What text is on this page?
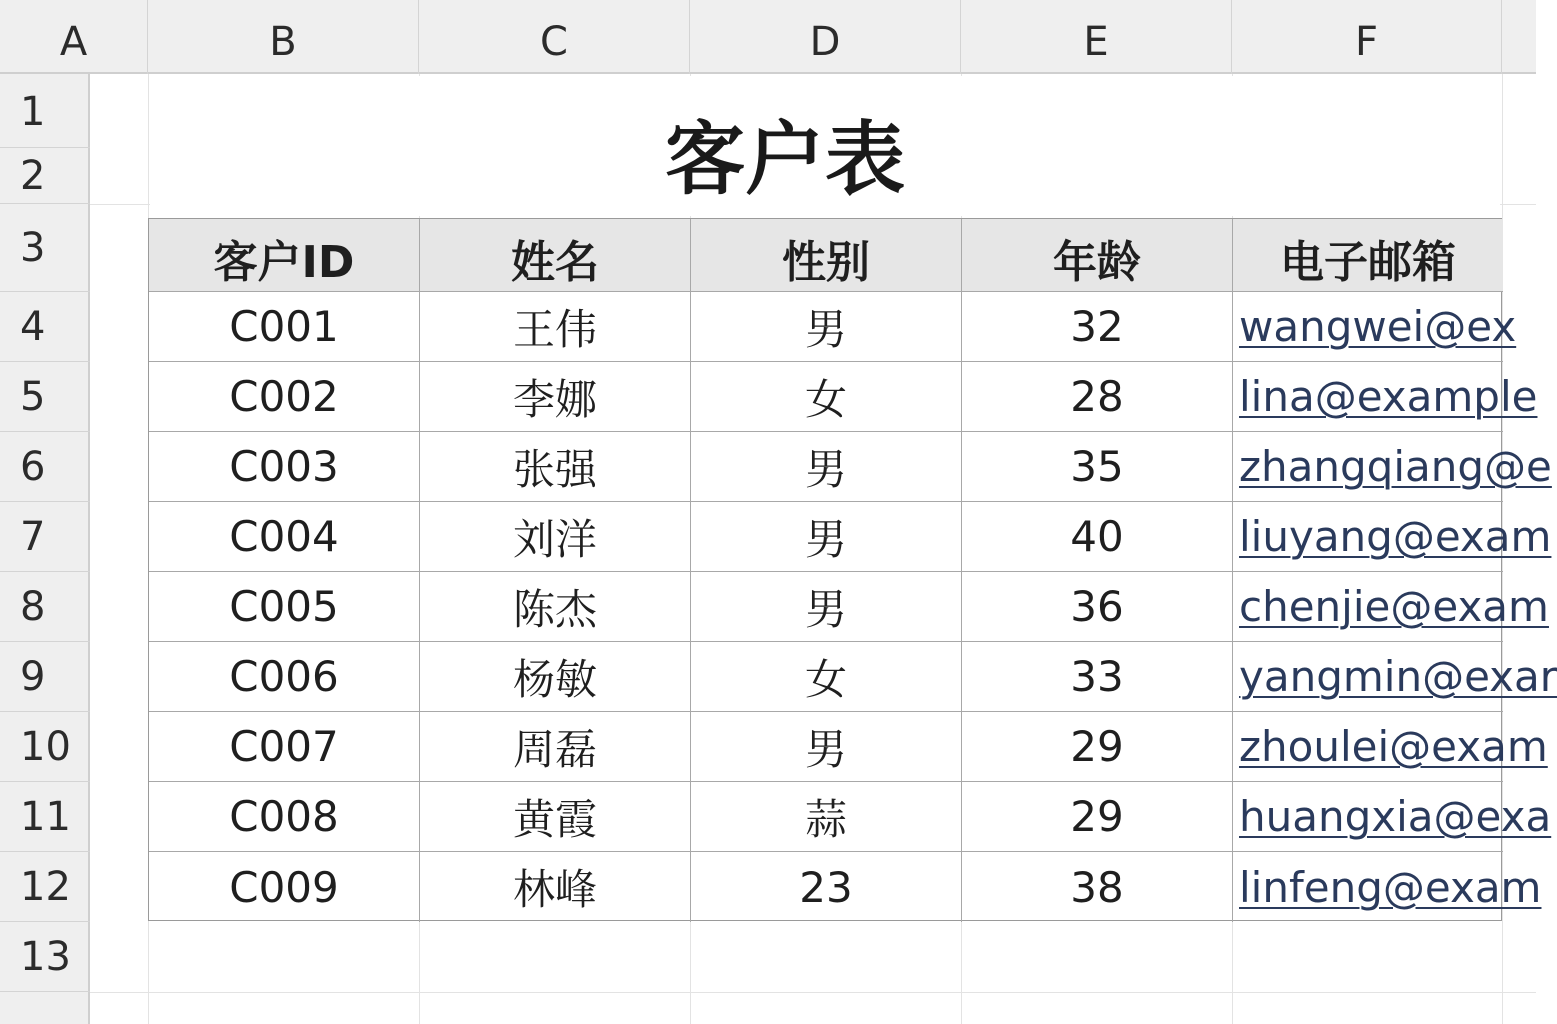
A	B	C	D	E	F
1
2
3
4
5
6
7
8
9
10
11
12
13
客户表
客户ID	姓名	性别	年龄	电子邮箱
C001	王伟	男	32	wangwei@ex
C002	李娜	女	28	lina@example
C003	张强	男	35	zhangqiang@e
C004	刘洋	男	40	liuyang@exam
C005	陈杰	男	36	chenjie@exam
C006	杨敏	女	33	yangmin@exar
C007	周磊	男	29	zhoulei@exam
C008	黄霞	蒜	29	huangxia@exa
C009	林峰	23	38	linfeng@exam
